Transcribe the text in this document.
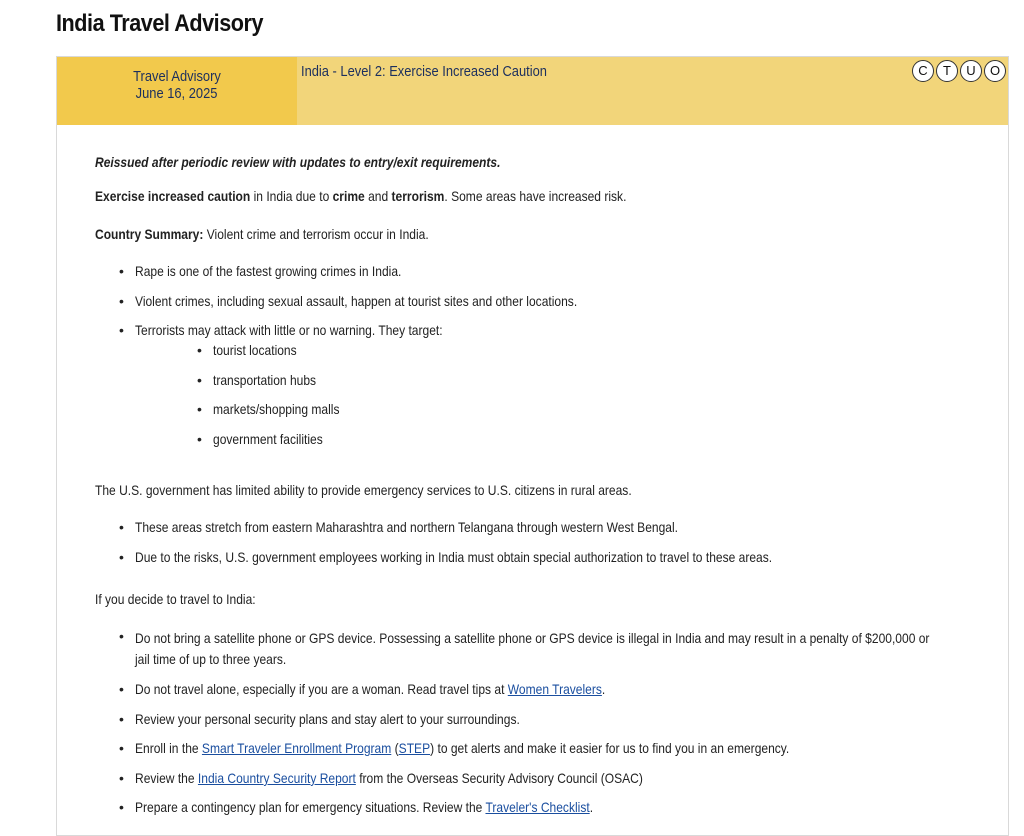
India Travel Advisory
Travel Advisory
June 16, 2025
India - Level 2: Exercise Increased Caution	C	T	U	O
Reissued after periodic review with updates to entry/exit requirements.
Exercise increased caution in India due to crime and terrorism. Some areas have increased risk.
Country Summary: Violent crime and terrorism occur in India.
• Rape is one of the fastest growing crimes in India.
• Violent crimes, including sexual assault, happen at tourist sites and other locations.
• Terrorists may attack with little or no warning. They target:
• tourist locations
• transportation hubs
• markets/shopping malls
• government facilities
The U.S. government has limited ability to provide emergency services to U.S. citizens in rural areas.
• These areas stretch from eastern Maharashtra and northern Telangana through western West Bengal.
• Due to the risks, U.S. government employees working in India must obtain special authorization to travel to these areas.
If you decide to travel to India:
• Do not bring a satellite phone or GPS device. Possessing a satellite phone or GPS device is illegal in India and may result in a penalty of $200,000 or jail time of up to three years.
• Do not travel alone, especially if you are a woman. Read travel tips at Women Travelers.
• Review your personal security plans and stay alert to your surroundings.
• Enroll in the Smart Traveler Enrollment Program (STEP) to get alerts and make it easier for us to find you in an emergency.
• Review the India Country Security Report from the Overseas Security Advisory Council (OSAC)
• Prepare a contingency plan for emergency situations. Review the Traveler's Checklist.
